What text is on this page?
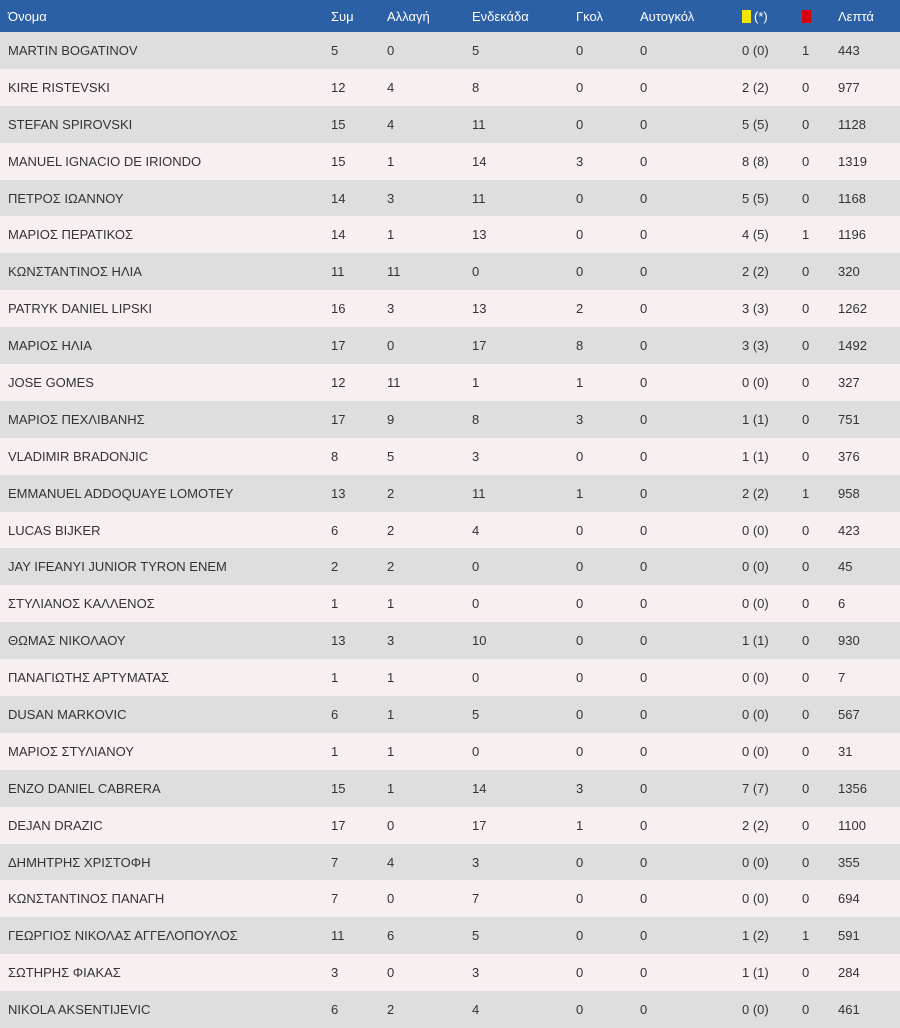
Όνομα	Συμ	Αλλαγή	Ενδεκάδα	Γκολ	Αυτογκόλ	(*)		Λεπτά
MARTIN BOGATINOV	5	0	5	0	0	0 (0)	1	443
KIRE RISTEVSKI	12	4	8	0	0	2 (2)	0	977
STEFAN SPIROVSKI	15	4	11	0	0	5 (5)	0	1128
MANUEL IGNACIO DE IRIONDO	15	1	14	3	0	8 (8)	0	1319
ΠΕΤΡΟΣ ΙΩΑΝΝΟΥ	14	3	11	0	0	5 (5)	0	1168
ΜΑΡΙΟΣ ΠΕΡΑΤΙΚΟΣ	14	1	13	0	0	4 (5)	1	1196
ΚΩΝΣΤΑΝΤΙΝΟΣ ΗΛΙΑ	11	11	0	0	0	2 (2)	0	320
PATRYK DANIEL LIPSKI	16	3	13	2	0	3 (3)	0	1262
ΜΑΡΙΟΣ ΗΛΙΑ	17	0	17	8	0	3 (3)	0	1492
JOSE GOMES	12	11	1	1	0	0 (0)	0	327
ΜΑΡΙΟΣ ΠΕΧΛΙΒΑΝΗΣ	17	9	8	3	0	1 (1)	0	751
VLADIMIR BRADONJIC	8	5	3	0	0	1 (1)	0	376
EMMANUEL ADDOQUAYE LOMOTEY	13	2	11	1	0	2 (2)	1	958
LUCAS BIJKER	6	2	4	0	0	0 (0)	0	423
JAY IFEANYI JUNIOR TYRON ENEM	2	2	0	0	0	0 (0)	0	45
ΣΤΥΛΙΑΝΟΣ ΚΑΛΛΕΝΟΣ	1	1	0	0	0	0 (0)	0	6
ΘΩΜΑΣ ΝΙΚΟΛΑΟΥ	13	3	10	0	0	1 (1)	0	930
ΠΑΝΑΓΙΩΤΗΣ ΑΡΤΥΜΑΤΑΣ	1	1	0	0	0	0 (0)	0	7
DUSAN MARKOVIC	6	1	5	0	0	0 (0)	0	567
ΜΑΡΙΟΣ ΣΤΥΛΙΑΝΟΥ	1	1	0	0	0	0 (0)	0	31
ENZO DANIEL CABRERA	15	1	14	3	0	7 (7)	0	1356
DEJAN DRAZIC	17	0	17	1	0	2 (2)	0	1100
ΔΗΜΗΤΡΗΣ ΧΡΙΣΤΟΦΗ	7	4	3	0	0	0 (0)	0	355
ΚΩΝΣΤΑΝΤΙΝΟΣ ΠΑΝΑΓΗ	7	0	7	0	0	0 (0)	0	694
ΓΕΩΡΓΙΟΣ ΝΙΚΟΛΑΣ ΑΓΓΕΛΟΠΟΥΛΟΣ	11	6	5	0	0	1 (2)	1	591
ΣΩΤΗΡΗΣ ΦΙΑΚΑΣ	3	0	3	0	0	1 (1)	0	284
NIKOLA AKSENTIJEVIC	6	2	4	0	0	0 (0)	0	461
